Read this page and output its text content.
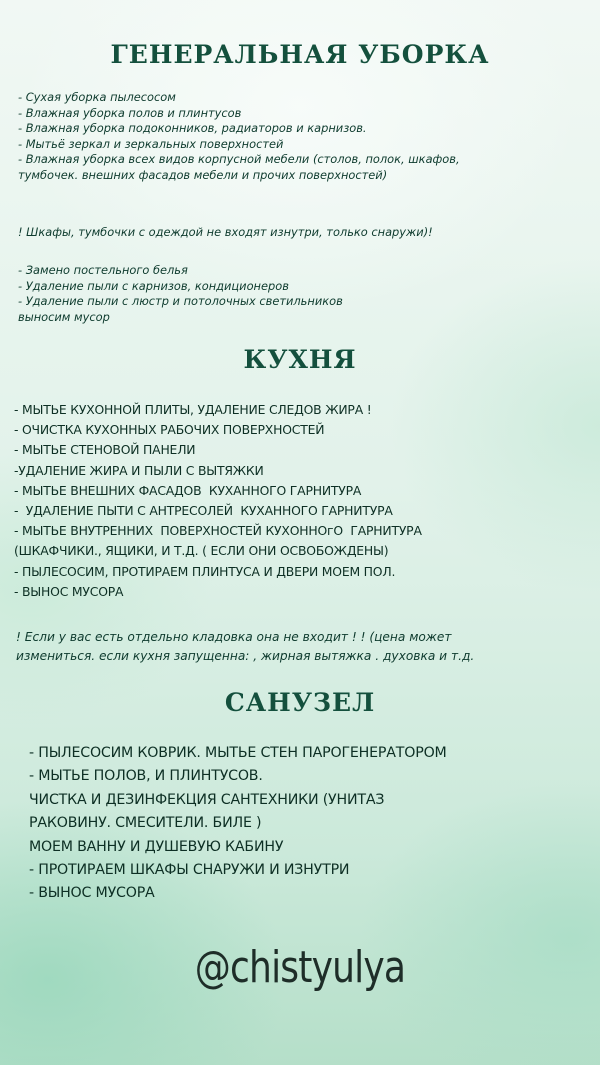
ГЕНЕРАЛЬНАЯ УБОРКА
- Сухая уборка пылесосом
- Влажная уборка полов и плинтусов
- Влажная уборка подоконников, радиаторов и карнизов.
- Мытьё зеркал и зеркальных поверхностей
- Влажная уборка всех видов корпусной мебели (столов, полок, шкафов,
тумбочек. внешних фасадов мебели и прочих поверхностей)
! Шкафы, тумбочки с одеждой не входят изнутри, только снаружи)!
- Замено постельного белья
- Удаление пыли с карнизов, кондиционеров
- Удаление пыли с люстр и потолочных светильников
выносим мусор
КУХНЯ
- МЫТЬЕ КУХОННОЙ ПЛИТЫ, УДАЛЕНИЕ СЛЕДОВ ЖИРА !
- ОЧИСТКА КУХОННЫХ РАБОЧИХ ПОВЕРХНОСТЕЙ
- МЫТЬЕ СТЕНОВОЙ ПАНЕЛИ
-УДАЛЕНИЕ ЖИРА И ПЫЛИ С ВЫТЯЖКИ
- МЫТЬЕ ВНЕШНИХ ФАСАДОВ  КУХАННОГО ГАРНИТУРА
-  УДАЛЕНИЕ ПЫТИ С АНТРЕСОЛЕЙ  КУХАННОГО ГАРНИТУРА
- МЫТЬЕ ВНУТРЕННИХ  ПОВЕРХНОСТЕЙ КУХОННОгО  ГАРНИТУРА
(ШКАФЧИКИ., ЯЩИКИ, И Т.Д. ( ЕСЛИ ОНИ ОСВОБОЖДЕНЫ)
- ПЫЛЕСОСИМ, ПРОТИРАЕМ ПЛИНТУСА И ДВЕРИ МОЕМ ПОЛ.
- ВЫНОС МУСОРА
! Если у вас есть отдельно кладовка она не входит ! ! (цена может
измениться. если кухня запущенна: , жирная вытяжка . духовка и т.д.
САНУЗЕЛ
- ПЫЛЕСОСИМ КОВРИК. МЫТЬЕ СТЕН ПАРОГЕНЕРАТОРОМ
- МЫТЬЕ ПОЛОВ, И ПЛИНТУСОВ.
ЧИСТКА И ДЕЗИНФЕКЦИЯ САНТЕХНИКИ (УНИТАЗ
РАКОВИНУ. СМЕСИТЕЛИ. БИЛЕ )
МОЕМ ВАННУ И ДУШЕВУЮ КАБИНУ
- ПРОТИРАЕМ ШКАФЫ СНАРУЖИ И ИЗНУТРИ
- ВЫНОС МУСОРА
@chistyulya
